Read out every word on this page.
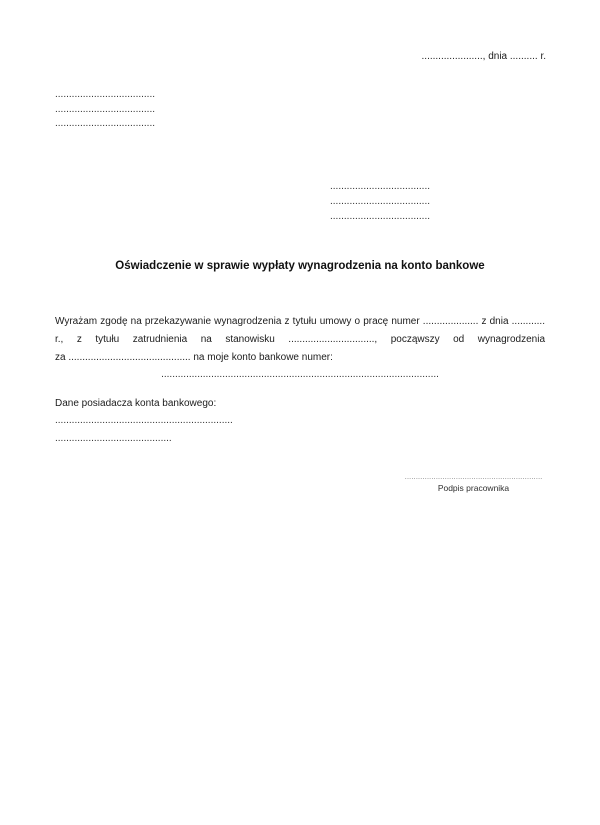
......................, dnia .......... r.
....................................
....................................
....................................
....................................
....................................
....................................
Oświadczenie w sprawie wypłaty wynagrodzenia na konto bankowe
Wyrażam zgodę na przekazywanie wynagrodzenia z tytułu umowy o pracę numer .................... z dnia ............
r., z tytułu zatrudnienia na stanowisku ..............................., począwszy od wynagrodzenia
za ............................................ na moje konto bankowe numer:
....................................................................................................
Dane posiadacza konta bankowego:
................................................................
..........................................
..............................................................
Podpis pracownika
